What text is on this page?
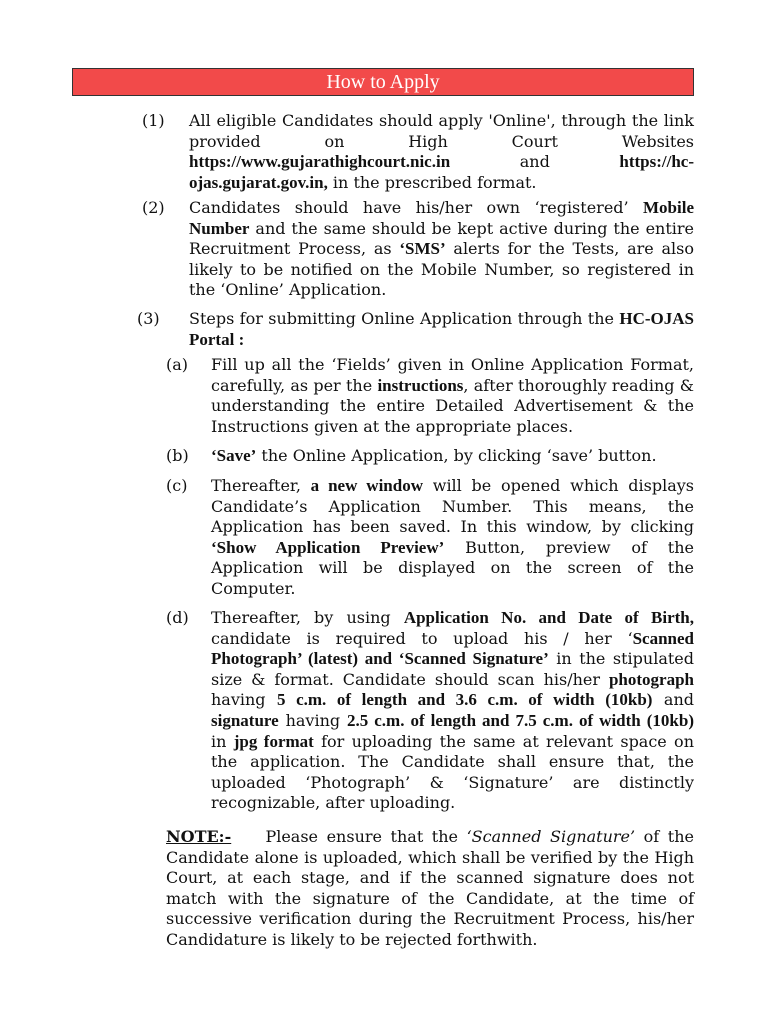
How to Apply
(1) All eligible Candidates should apply 'Online', through the link provided on High Court Websites https://www.gujarathighcourt.nic.in and https://hc-ojas.gujarat.gov.in, in the prescribed format.
(2) Candidates should have his/her own ‘registered’ Mobile Number and the same should be kept active during the entire Recruitment Process, as ‘SMS’ alerts for the Tests, are also likely to be notified on the Mobile Number, so registered in the ‘Online’ Application.
(3) Steps for submitting Online Application through the HC-OJAS Portal :
(a) Fill up all the ‘Fields’ given in Online Application Format, carefully, as per the instructions, after thoroughly reading & understanding the entire Detailed Advertisement & the Instructions given at the appropriate places.
(b) ‘Save’ the Online Application, by clicking ‘save’ button.
(c) Thereafter, a new window will be opened which displays Candidate’s Application Number. This means, the Application has been saved. In this window, by clicking ‘Show Application Preview’ Button, preview of the Application will be displayed on the screen of the Computer.
(d) Thereafter, by using Application No. and Date of Birth, candidate is required to upload his / her ‘Scanned Photograph’ (latest) and ‘Scanned Signature’ in the stipulated size & format. Candidate should scan his/her photograph having 5 c.m. of length and 3.6 c.m. of width (10kb) and signature having 2.5 c.m. of length and 7.5 c.m. of width (10kb) in jpg format for uploading the same at relevant space on the application. The Candidate shall ensure that, the uploaded ‘Photograph’ & ‘Signature’ are distinctly recognizable, after uploading.
NOTE:-    Please ensure that the ‘Scanned Signature’ of the Candidate alone is uploaded, which shall be verified by the High Court, at each stage, and if the scanned signature does not match with the signature of the Candidate, at the time of successive verification during the Recruitment Process, his/her Candidature is likely to be rejected forthwith.
